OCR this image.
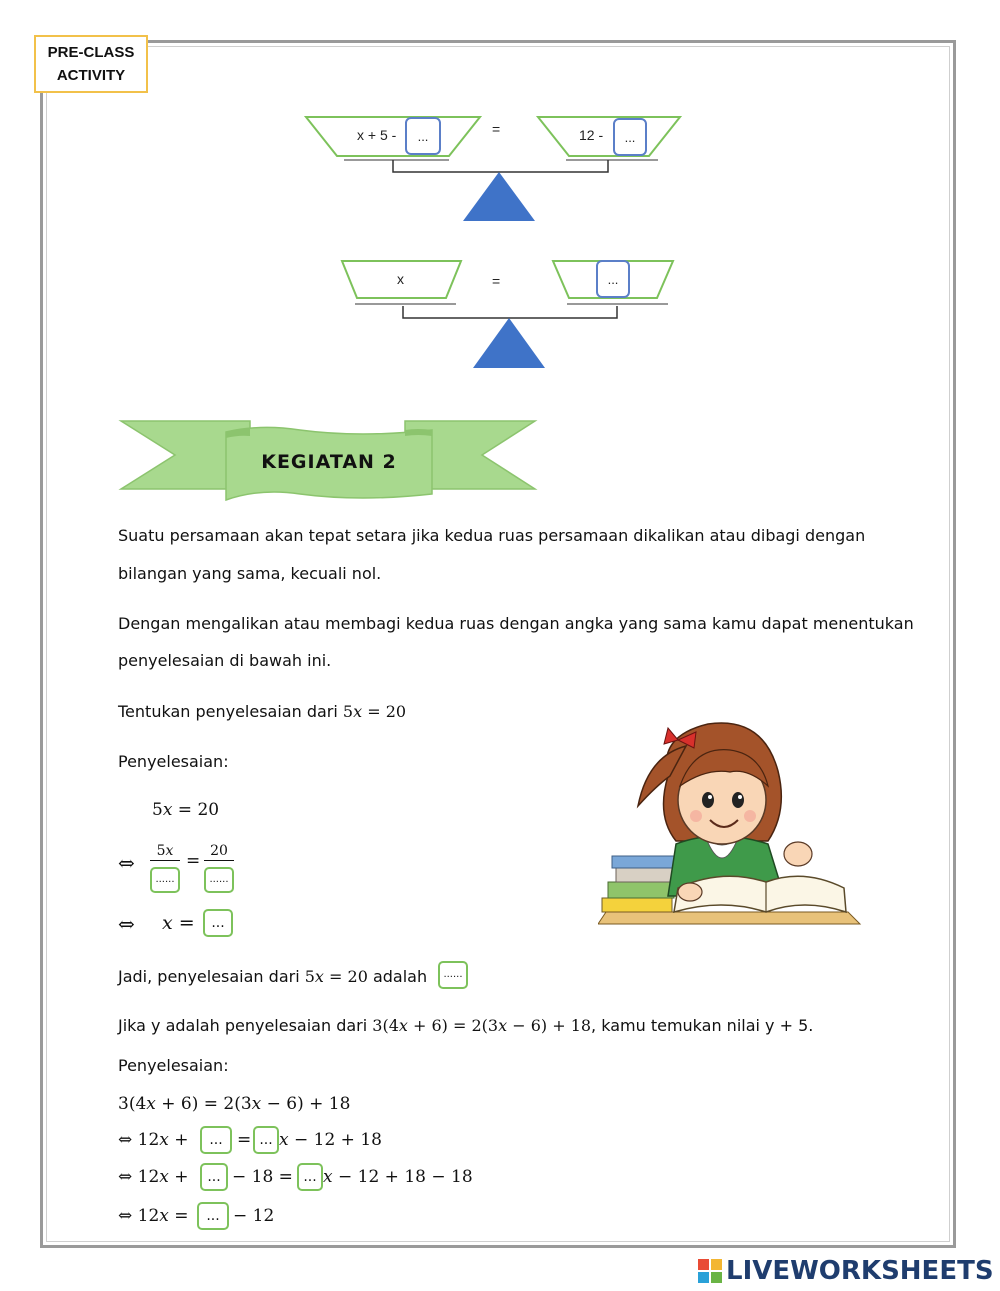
PRE-CLASS
ACTIVITY
x + 5 -	...	=	12 -	...
x	=	...
KEGIATAN 2
Suatu persamaan akan tepat setara jika kedua ruas persamaan dikalikan atau dibagi dengan
bilangan yang sama, kecuali nol.
Dengan mengalikan atau membagi kedua ruas dengan angka yang sama kamu dapat menentukan
penyelesaian di bawah ini.
Tentukan penyelesaian dari 5𝑥 = 20
Penyelesaian:
5𝑥 = 20
⇔	5𝑥
......
= 20
......
⇔ 𝑥 =	...
Jadi, penyelesaian dari 5𝑥 = 20 adalah	......
Jika y adalah penyelesaian dari 3(4𝑥 + 6) = 2(3𝑥 − 6) + 18, kamu temukan nilai y + 5.
Penyelesaian:
3(4𝑥 + 6) = 2(3𝑥 − 6) + 18
⇔ 12𝑥 +	... = ... 𝑥 − 12 + 18
⇔ 12𝑥 +	... − 18 = ... 𝑥 − 12 + 18 − 18
⇔ 12𝑥 =	... − 12
LIVEWORKSHEETS
